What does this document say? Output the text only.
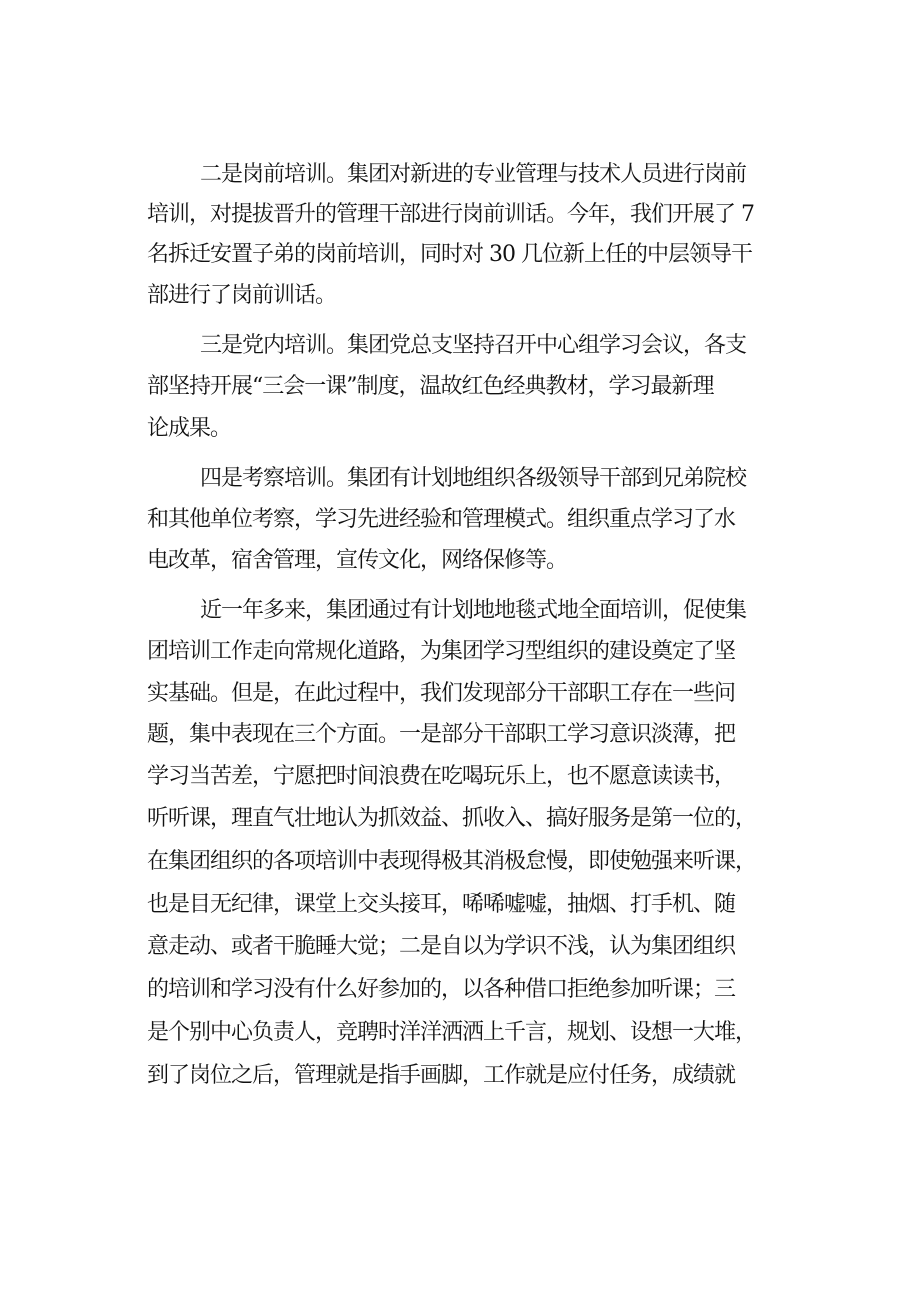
二是岗前培训。集团对新进的专业管理与技术人员进行岗前

培训，对提拔晋升的管理干部进行岗前训话。今年，我们开展了 7

名拆迁安置子弟的岗前培训，同时对 30 几位新上任的中层领导干

部进行了岗前训话。

三是党内培训。集团党总支坚持召开中心组学习会议，各支

部坚持开展“三会一课”制度，温故红色经典教材，学习最新理

论成果。

四是考察培训。集团有计划地组织各级领导干部到兄弟院校

和其他单位考察，学习先进经验和管理模式。组织重点学习了水

电改革，宿舍管理，宣传文化，网络保修等。

近一年多来，集团通过有计划地地毯式地全面培训，促使集

团培训工作走向常规化道路，为集团学习型组织的建设奠定了坚

实基础。但是，在此过程中，我们发现部分干部职工存在一些问

题，集中表现在三个方面。一是部分干部职工学习意识淡薄，把

学习当苦差，宁愿把时间浪费在吃喝玩乐上，也不愿意读读书，

听听课，理直气壮地认为抓效益、抓收入、搞好服务是第一位的，

在集团组织的各项培训中表现得极其消极怠慢，即使勉强来听课，

也是目无纪律，课堂上交头接耳，唏唏嘘嘘，抽烟、打手机、随

意走动、或者干脆睡大觉；二是自以为学识不浅，认为集团组织

的培训和学习没有什么好参加的，以各种借口拒绝参加听课；三

是个别中心负责人，竞聘时洋洋洒洒上千言，规划、设想一大堆，

到了岗位之后，管理就是指手画脚，工作就是应付任务，成绩就
